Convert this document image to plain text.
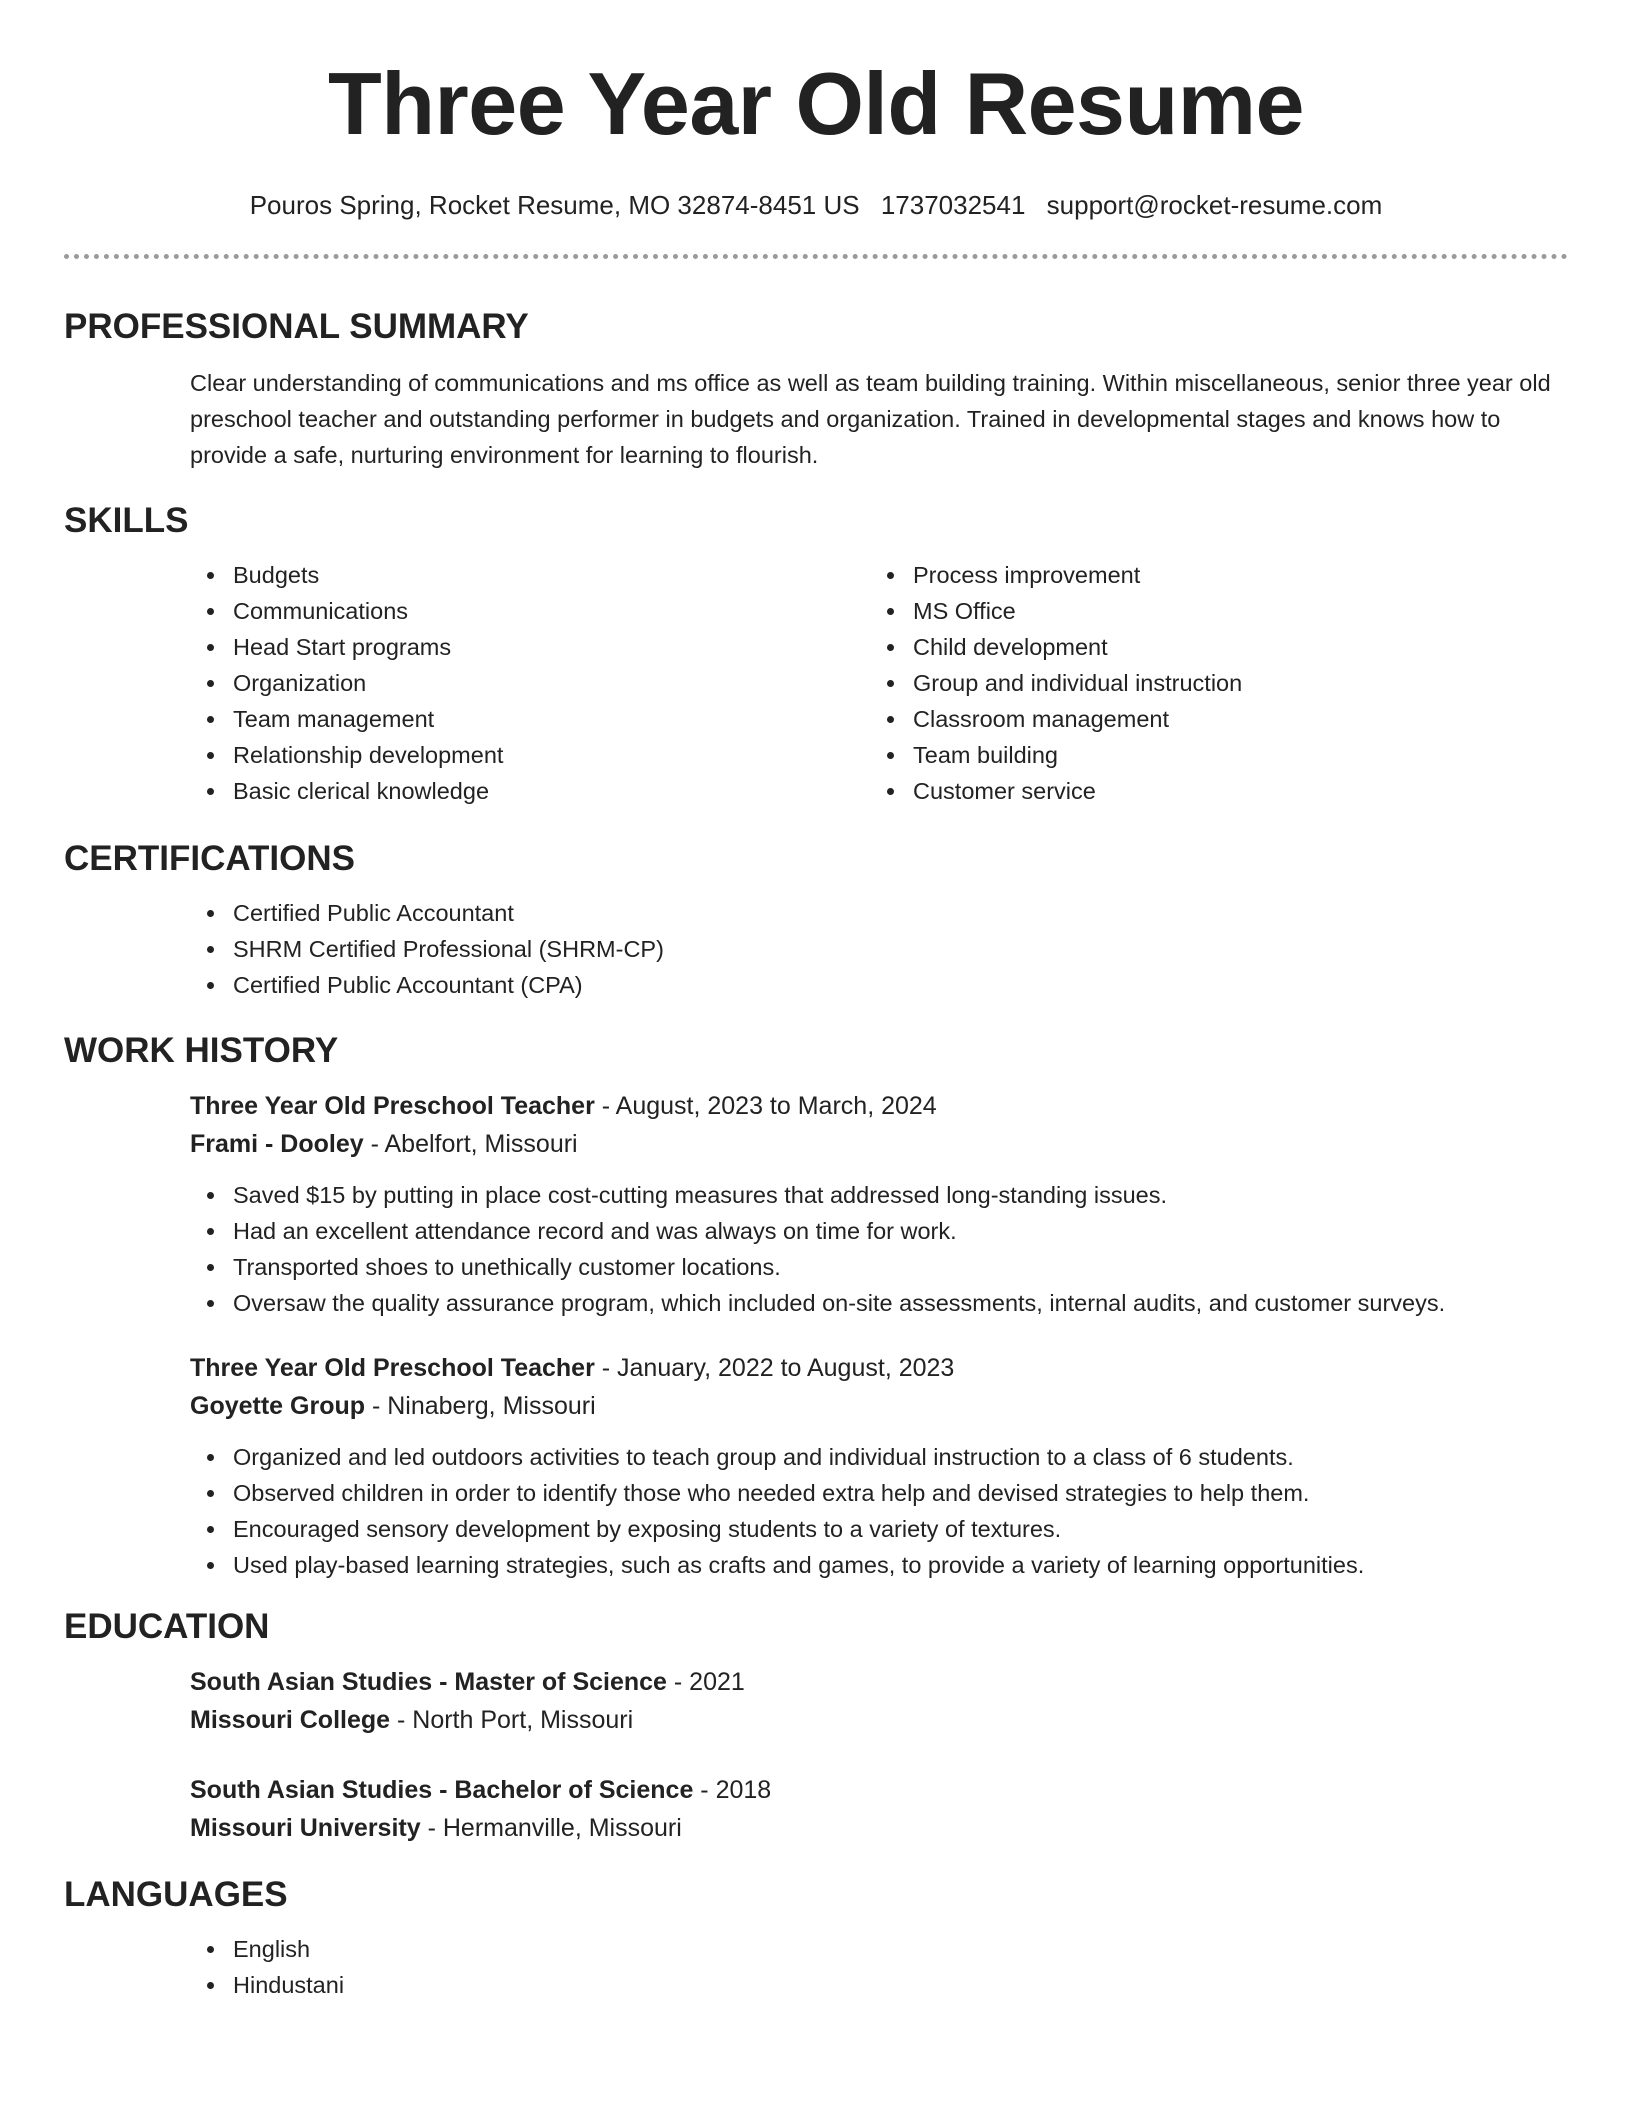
Three Year Old Resume
Pouros Spring, Rocket Resume, MO 32874-8451 US 1737032541 support@rocket-resume.com
PROFESSIONAL SUMMARY

Clear understanding of communications and ms office as well as team building training. Within miscellaneous, senior three year old preschool teacher and outstanding performer in budgets and organization. Trained in developmental stages and knows how to provide a safe, nurturing environment for learning to flourish.

SKILLS
Budgets
Communications
Head Start programs
Organization
Team management
Relationship development
Basic clerical knowledge
Process improvement
MS Office
Child development
Group and individual instruction
Classroom management
Team building
Customer service
CERTIFICATIONS
Certified Public Accountant
SHRM Certified Professional (SHRM-CP)
Certified Public Accountant (CPA)
WORK HISTORY
Three Year Old Preschool Teacher - August, 2023 to March, 2024
Frami - Dooley - Abelfort, Missouri
Saved $15 by putting in place cost-cutting measures that addressed long-standing issues.
Had an excellent attendance record and was always on time for work.
Transported shoes to unethically customer locations.
Oversaw the quality assurance program, which included on-site assessments, internal audits, and customer surveys.
Three Year Old Preschool Teacher - January, 2022 to August, 2023
Goyette Group - Ninaberg, Missouri
Organized and led outdoors activities to teach group and individual instruction to a class of 6 students.
Observed children in order to identify those who needed extra help and devised strategies to help them.
Encouraged sensory development by exposing students to a variety of textures.
Used play-based learning strategies, such as crafts and games, to provide a variety of learning opportunities.
EDUCATION
South Asian Studies - Master of Science - 2021
Missouri College - North Port, Missouri
South Asian Studies - Bachelor of Science - 2018
Missouri University - Hermanville, Missouri
LANGUAGES
English
Hindustani
